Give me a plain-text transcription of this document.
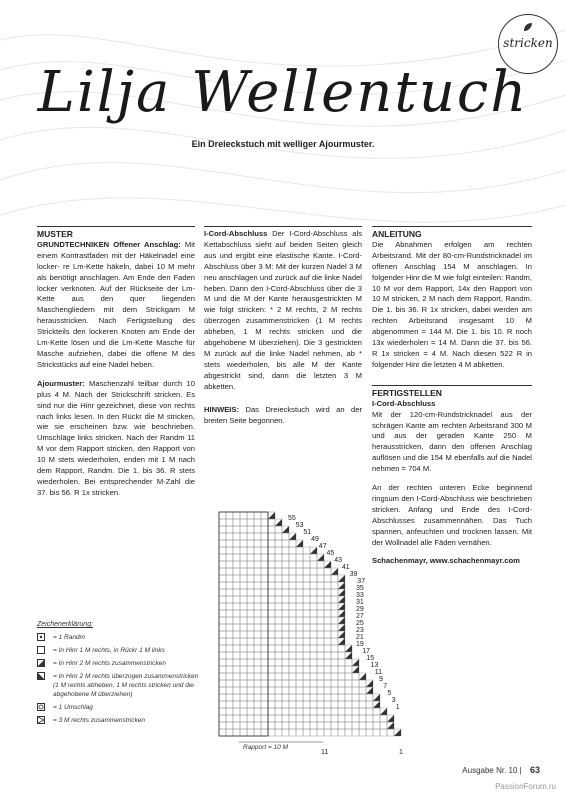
stricken
Lilja Wellentuch
Ein Dreieckstuch mit welliger Ajourmuster.

MUSTER

GRUNDTECHNIKEN Offener Anschlag: Mit einem Kontrastfaden mit der Häkelnadel eine locker- re Lm-Kette häkeln, dabei 10 M mehr als benötigt anschlagen. Am Ende den Faden locker verknoten. Auf der Rückseite der Lm-Kette aus den quer liegenden Maschengliedern mit dem Strickgarn M herausstricken. Nach Fertigstellung des Strickteils den lockeren Knoten am Ende der Lm-Kette lösen und die Lm-Kette Masche für Masche aufziehen, dabei die offene M des Strickstücks auf eine Nadel heben.

Ajourmuster: Maschenzahl teilbar durch 10 plus 4 M. Nach der Strickschrift stricken. Es sind nur die Hinr gezeichnet, diese von rechts nach links lesen. In den Rückr die M stricken, wie sie erscheinen bzw. wie beschrieben. Umschläge links stricken. Nach der Randm 11 M vor dem Rapport stricken, den Rapport von 10 M stets wiederholen, enden mit 1 M nach dem Rapport, Randm. Die 1. bis 36. R stets wiederholen. Bei entsprechender M-Zahl die 37. bis 56. R 1x stricken.

I-Cord-Abschluss Der I-Cord-Abschluss als Kettabschluss sieht auf beiden Seiten gleich aus und ergibt eine elastische Kante. I-Cord-Abschluss über 3 M: Mit der kurzen Nadel 3 M neu anschlagen und zurück auf die linke Nadel heben. Dann den I-Cord-Abschluss über die 3 M und die M der Kante herausgestrickten M wie folgt stricken: * 2 M rechts, 2 M rechts überzogen zusammenstricken (1 M rechts abheben, 1 M rechts stricken und die abgehobene M überziehen). Die 3 gestrickten M zurück auf die linke Nadel nehmen, ab * stets wiederholen, bis alle M der Kante abgestrickt sind, dann die letzten 3 M abketten.

HINWEIS: Das Dreieckstuch wird an der breiten Seite begonnen.

ANLEITUNG

Die Abnahmen erfolgen am rechten Arbeitsrand. Mit der 80-cm-Rundstricknadel im offenen Anschlag 154 M anschlagen. In folgender Hinr die M wie folgt einteilen: Randm, 10 M vor dem Rapport, 14x den Rapport von 10 M stricken, 2 M nach dem Rapport, Randm. Die 1. bis 36. R 1x stricken, dabei werden am rechten Arbeitsrand insgesamt 10 M abgenommen = 144 M. Die 1. bis 10. R noch 13x wiederholen = 14 M. Dann die 37. bis 56. R 1x stricken = 4 M. Nach diesen 522 R in folgender Hinr die letzten 4 M abketten.

FERTIGSTELLEN

I-Cord-Abschluss

Mit der 120-cm-Rundstricknadel aus der schrägen Kante am rechten Arbeitsrand 300 M und aus der geraden Kante 250 M herausstricken, dann den offenen Anschlag auflösen und die 154 M ebenfalls auf die Nadel nehmen = 704 M.

An der rechten unteren Ecke beginnend ringsum den I-Cord-Abschluss wie beschrieben stricken. Anfang und Ende des I-Cord-Abschlusses zusammennähen. Das Tuch spannen, anfeuchten und trocknen lassen. Mit der Wollnadel alle Fäden vernähen.

Schachenmayr, www.schachenmayr.com

Zeichenerklärung:
= 1 Randm
= In Hinr 1 M rechts, in Rückr 1 M links
= In Hinr 2 M rechts zusammenstricken
= In Hinr 2 M rechts überzogen zusammenstricken (1 M rechts abheben, 1 M rechts stricken und die abgehobene M überziehen)
= 1 Umschlag
= 3 M rechts zusammenstricken
55
53
51
49
47
45
43
41
39
37
35
33
31
29
27
25
23
21
19
17
15
13
11
9
7
5
3
1
Rapport = 10 M
11	1
Ausgabe Nr. 10 | 63
PassionForum.ru
